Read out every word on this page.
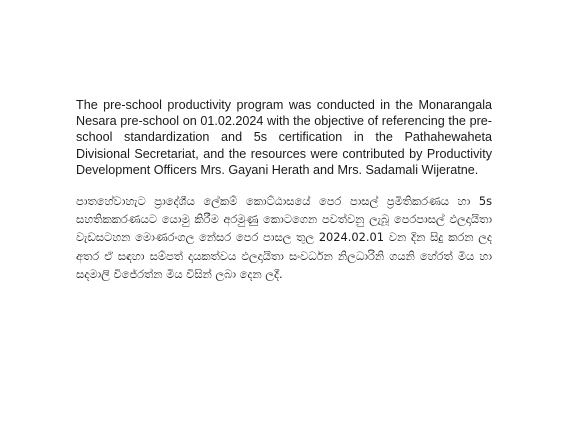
The pre-school productivity program was conducted in the Monarangala Nesara pre-school on 01.02.2024 with the objective of referencing the pre-school standardization and 5s certification in the Pathahewaheta Divisional Secretariat, and the resources were contributed by Productivity Development Officers Mrs. Gayani Herath and Mrs. Sadamali Wijeratne.

පාතහේවාහැට ප්‍රාදේශීය ලේකම් කොට්ඨාසයේ පෙර පාසල් ප්‍රමිතිකරණය හා 5s සහතිකකරණයට යොමු කිරීම අරමුණු කොටගෙන පවත්වනු ලැබූ පෙරපාසල් ඵලදායිතා වැඩසටහන මොණරංගල නේසර පෙර පාසල තුල 2024.02.01 වන දින සිදු කරන ලද අතර ඒ සඳහා සම්පත් දායකත්වය ඵලදායිතා සංවර්ධන නිලධාරිනි ගයනි හේරත් මිය හා සදමාලි විජේරත්න මිය විසින් ලබා දෙන ලදී.
